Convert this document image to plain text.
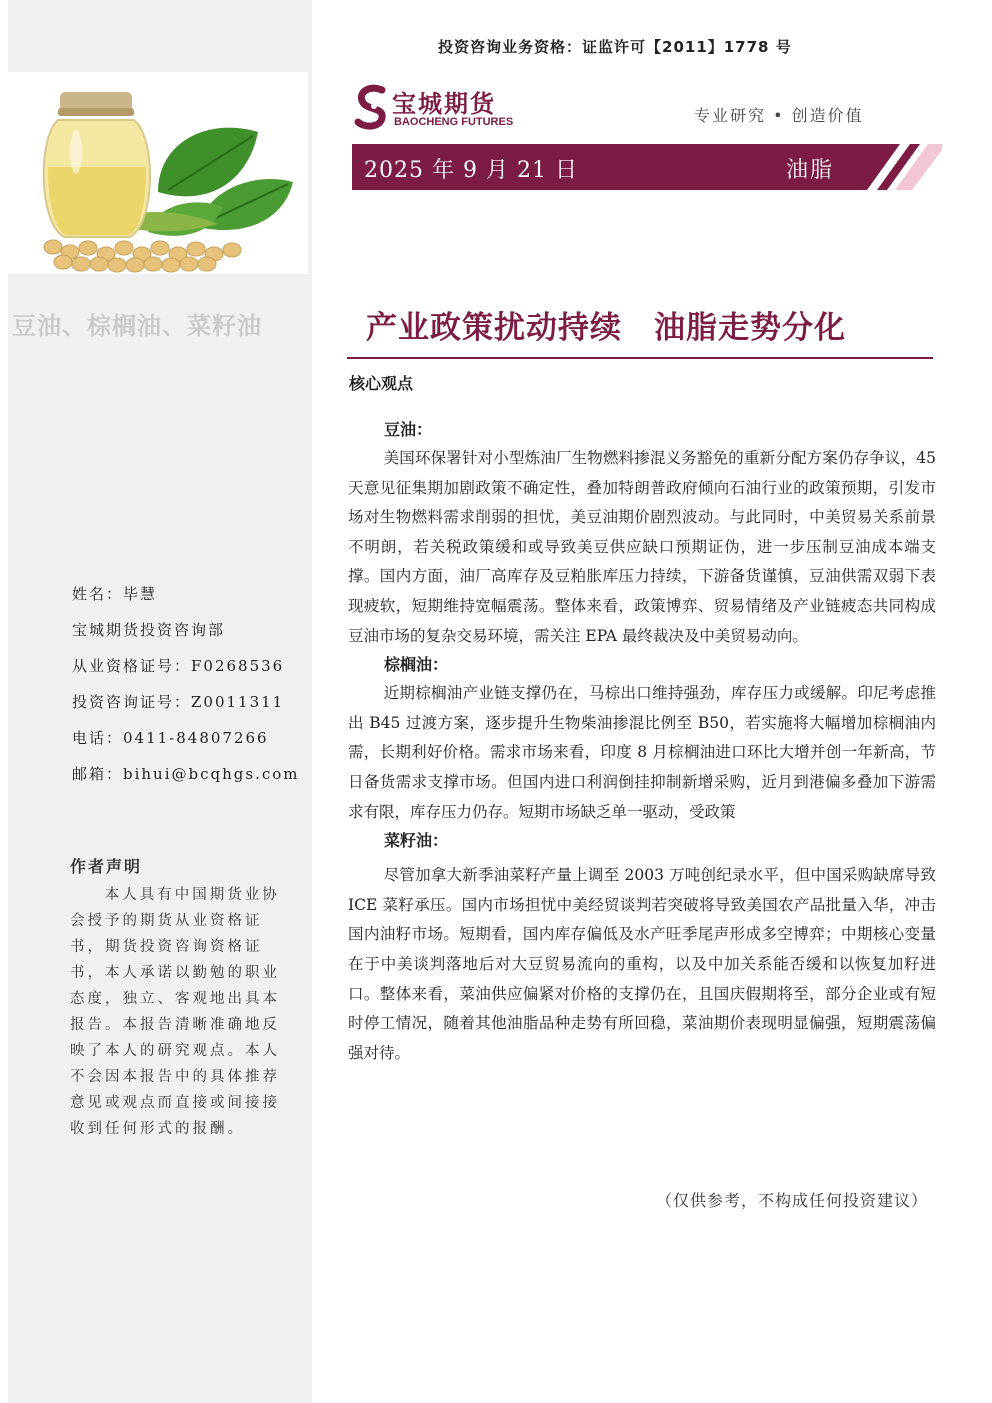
豆油、棕榈油、菜籽油
姓名：毕慧
宝城期货投资咨询部
从业资格证号：F0268536
投资咨询证号：Z0011311
电话：0411-84807266
邮箱：bihui@bcqhgs.com
作者声明
本人具有中国期货业协会授予的期货从业资格证书，期货投资咨询资格证书，本人承诺以勤勉的职业态度，独立、客观地出具本报告。本报告清晰准确地反映了本人的研究观点。本人不会因本报告中的具体推荐意见或观点而直接或间接接收到任何形式的报酬。
投资咨询业务资格：证监许可【2011】1778 号
宝城期货
BAOCHENG FUTURES	专业研究 • 创造价值
2025 年 9 月 21 日	油脂
产业政策扰动持续　油脂走势分化
核心观点
豆油：

美国环保署针对小型炼油厂生物燃料掺混义务豁免的重新分配方案仍存争议，45 天意见征集期加剧政策不确定性，叠加特朗普政府倾向石油行业的政策预期，引发市场对生物燃料需求削弱的担忧，美豆油期价剧烈波动。与此同时，中美贸易关系前景不明朗，若关税政策缓和或导致美豆供应缺口预期证伪，进一步压制豆油成本端支撑。国内方面，油厂高库存及豆粕胀库压力持续，下游备货谨慎，豆油供需双弱下表现疲软，短期维持宽幅震荡。整体来看，政策博弈、贸易情绪及产业链疲态共同构成豆油市场的复杂交易环境，需关注 EPA 最终裁决及中美贸易动向。

棕榈油：

近期棕榈油产业链支撑仍在，马棕出口维持强劲，库存压力或缓解。印尼考虑推出 B45 过渡方案，逐步提升生物柴油掺混比例至 B50，若实施将大幅增加棕榈油内需，长期利好价格。需求市场来看，印度 8 月棕榈油进口环比大增并创一年新高，节日备货需求支撑市场。但国内进口利润倒挂抑制新增采购，近月到港偏多叠加下游需求有限，库存压力仍存。短期市场缺乏单一驱动，受政策

菜籽油：

尽管加拿大新季油菜籽产量上调至 2003 万吨创纪录水平，但中国采购缺席导致 ICE 菜籽承压。国内市场担忧中美经贸谈判若突破将导致美国农产品批量入华，冲击国内油籽市场。短期看，国内库存偏低及水产旺季尾声形成多空博弈；中期核心变量在于中美谈判落地后对大豆贸易流向的重构，以及中加关系能否缓和以恢复加籽进口。整体来看，菜油供应偏紧对价格的支撑仍在，且国庆假期将至，部分企业或有短时停工情况，随着其他油脂品种走势有所回稳，菜油期价表现明显偏强，短期震荡偏强对待。

（仅供参考，不构成任何投资建议）
